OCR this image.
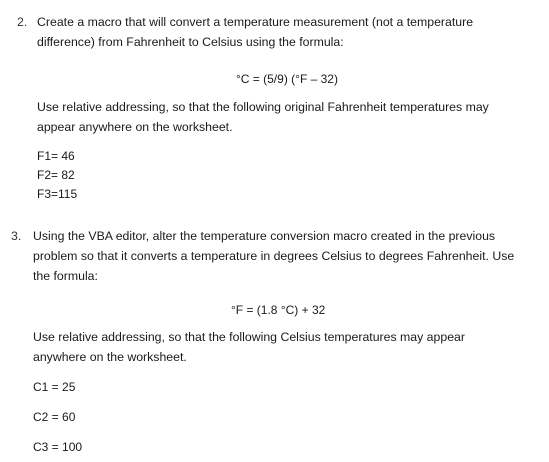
2. Create a macro that will convert a temperature measurement (not a temperature
difference) from Fahrenheit to Celsius using the formula:
°C = (5/9) (°F – 32)
Use relative addressing, so that the following original Fahrenheit temperatures may
appear anywhere on the worksheet.
F1= 46
F2= 82
F3=115
3. Using the VBA editor, alter the temperature conversion macro created in the previous
problem so that it converts a temperature in degrees Celsius to degrees Fahrenheit. Use
the formula:
°F = (1.8 °C) + 32
Use relative addressing, so that the following Celsius temperatures may appear
anywhere on the worksheet.
C1 = 25
C2 = 60
C3 = 100
